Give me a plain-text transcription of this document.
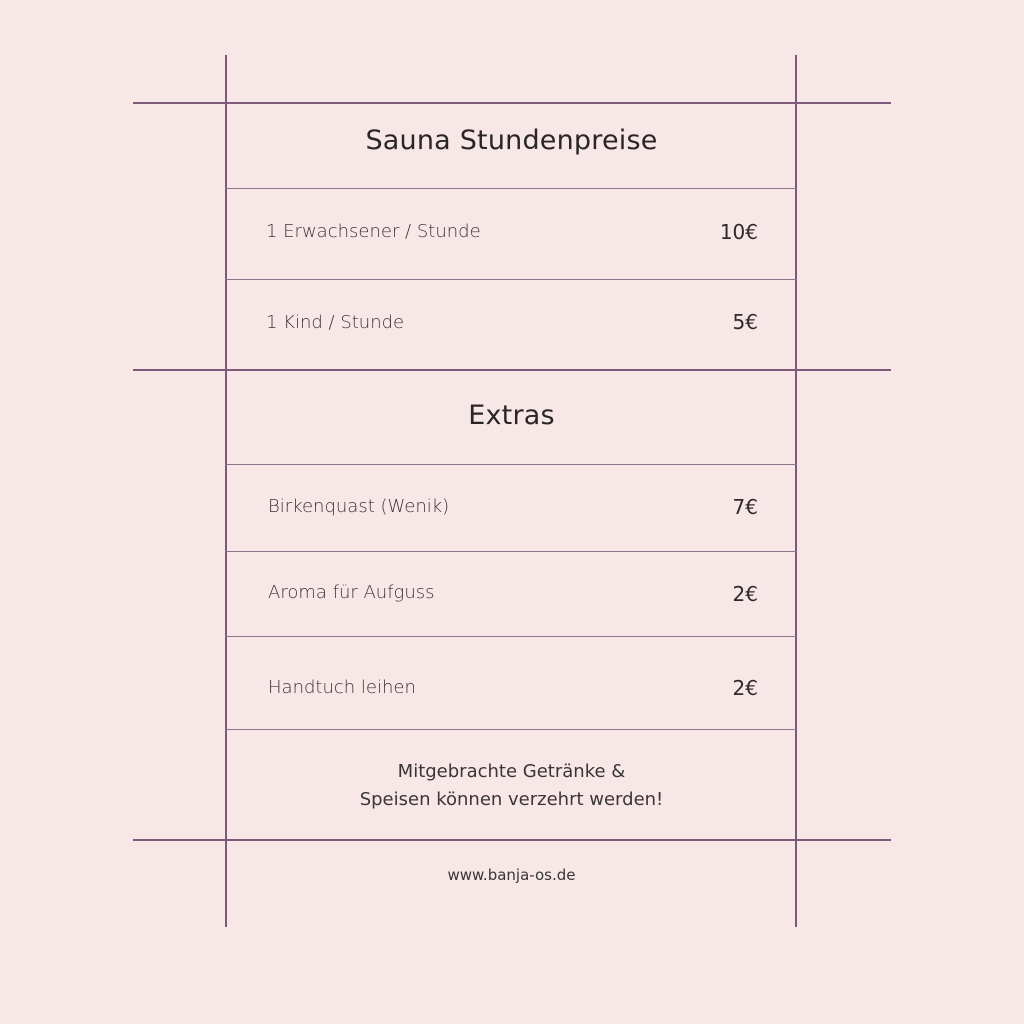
Sauna Stundenpreise
1 Erwachsener / Stunde	10€
1 Kind / Stunde	5€
Extras
Birkenquast (Wenik)	7€
Aroma für Aufguss	2€
Handtuch leihen	2€
Mitgebrachte Getränke &
Speisen können verzehrt werden!
www.banja-os.de
